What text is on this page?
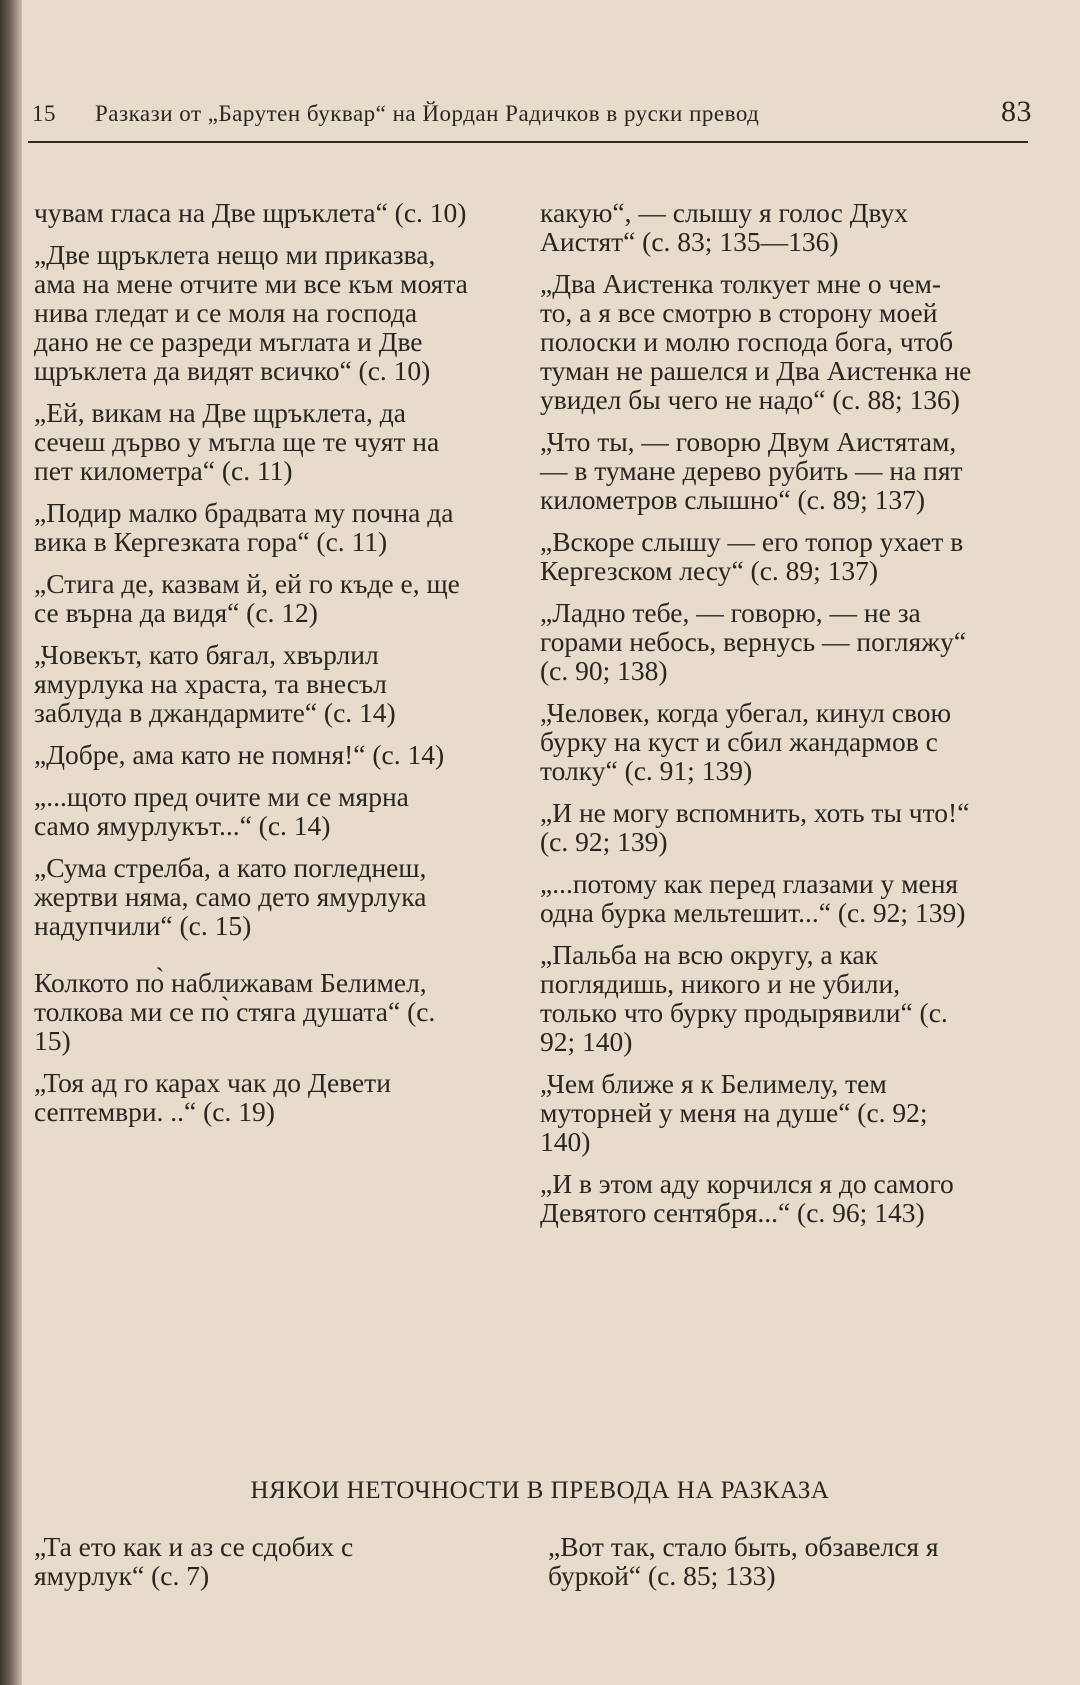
15 Разкази от „Барутен буквар“ на Йордан Радичков в руски превод	83

чувам гласа на Две щръклета“ (с. 10)

„Две щръклета нещо ми приказва, ама на мене отчите ми все към моята нива гледат и се моля на господа дано не се разреди мъглата и Две щръклета да видят всичко“ (с. 10)

„Ей, викам на Две щръклета, да сечеш дърво у мъгла ще те чуят на пет километра“ (с. 11)

„Подир малко брадвата му почна да вика в Кергезката гора“ (с. 11)

„Стига де, казвам й, ей го къде е, ще се върна да видя“ (с. 12)

„Човекът, като бягал, хвърлил ямурлука на храста, та внесъл заблуда в джандармите“ (с. 14)

„Добре, ама като не помня!“ (с. 14)

„...щото пред очите ми се мярна само ямурлукът...“ (с. 14)

„Сума стрелба, а като погледнеш, жертви няма, само дето ямурлука надупчили“ (с. 15)

Колкото по̀ наближавам Белимел, толкова ми се по̀ стяга душата“ (с. 15)

„Тоя ад го карах чак до Девети септември. ..“ (с. 19)

какую“, — слышу я голос Двух Аистят“ (с. 83; 135—136)

„Два Аистенка толкует мне о чем-то, а я все смотрю в сторону моей полоски и молю господа бога, чтоб туман не рашелся и Два Аистенка не увидел бы чего не надо“ (с. 88; 136)

„Что ты, — говорю Двум Аистятам, — в тумане дерево рубить — на пят километров слышно“ (с. 89; 137)

„Вскоре слышу — его топор ухает в Кергезском лесу“ (с. 89; 137)

„Ладно тебе, — говорю, — не за горами небось, вернусь — погляжу“ (с. 90; 138)

„Человек, когда убегал, кинул свою бурку на куст и сбил жандармов с толку“ (с. 91; 139)

„И не могу вспомнить, хоть ты что!“ (с. 92; 139)

„...потому как перед глазами у меня одна бурка мельтешит...“ (с. 92; 139)

„Пальба на всю округу, а как поглядишь, никого и не убили, только что бурку продырявили“ (с. 92; 140)

„Чем ближе я к Белимелу, тем муторней у меня на душе“ (с. 92; 140)

„И в этом аду корчился я до самого Девятого сентября...“ (с. 96; 143)

НЯКОИ НЕТОЧНОСТИ В ПРЕВОДА НА РАЗКАЗА

„Та ето как и аз се сдобих с ямурлук“ (с. 7)

„Вот так, стало быть, обзавелся я буркой“ (с. 85; 133)
